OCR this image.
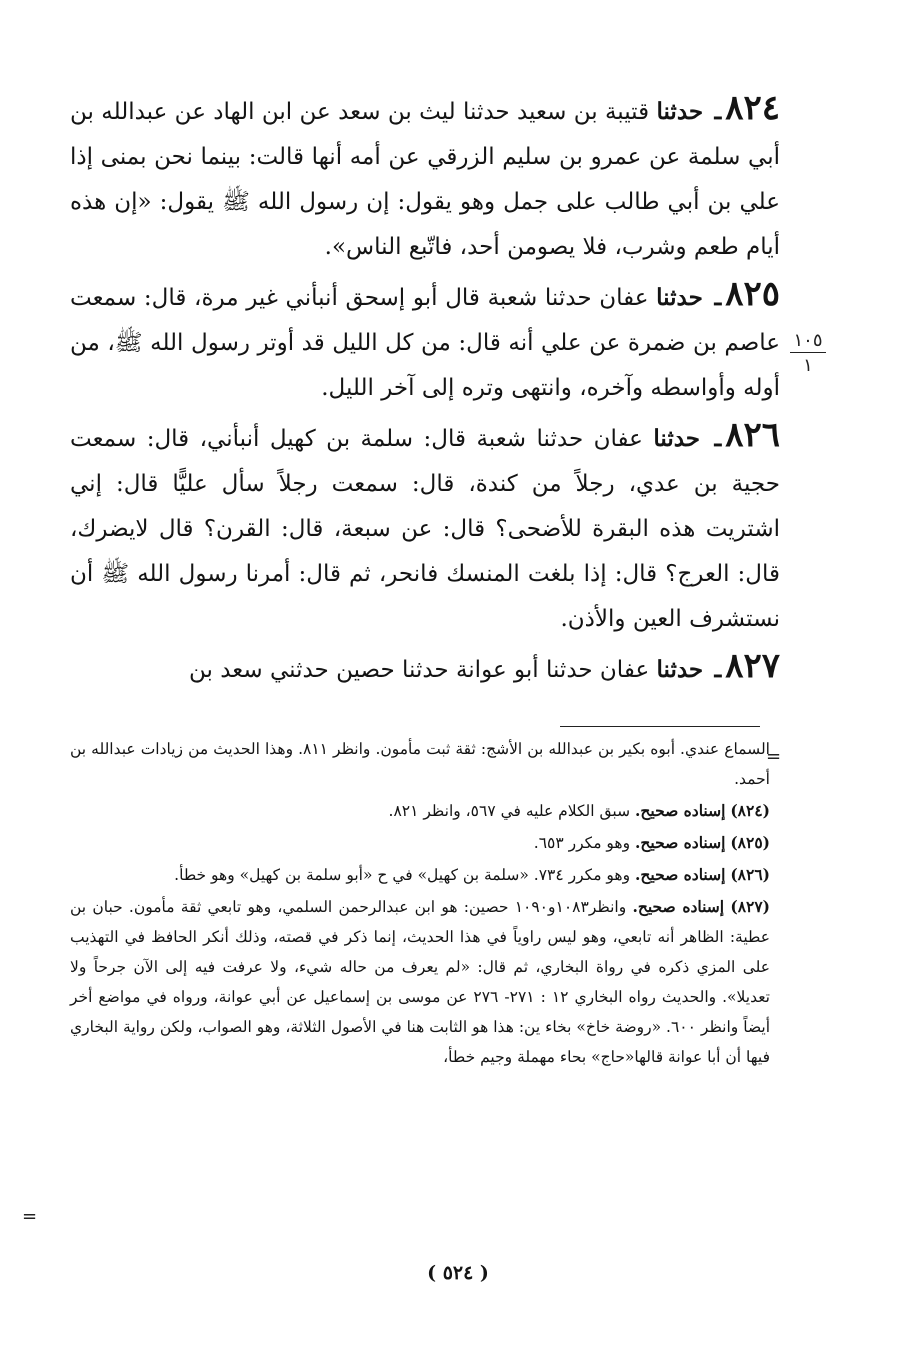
٨٢٤ـ حدثنا قتيبة بن سعيد حدثنا ليث بن سعد عن ابن الهاد عن عبدالله بن أبي سلمة عن عمرو بن سليم الزرقي عن أمه أنها قالت: بينما نحن بمنى إذا علي بن أبي طالب على جمل وهو يقول: إن رسول الله ﷺ يقول: «إن هذه أيام طعم وشرب، فلا يصومن أحد، فاتّبع الناس».

٨٢٥ـ حدثنا عفان حدثنا شعبة قال أبو إسحق أنبأني غير مرة، قال: سمعت عاصم بن ضمرة عن علي أنه قال: من كل الليل قد أوتر رسول الله ﷺ، من أوله وأواسطه وآخره، وانتهى وتره إلى آخر الليل.

٨٢٦ـ حدثنا عفان حدثنا شعبة قال: سلمة بن كهيل أنبأني، قال: سمعت حجية بن عدي، رجلاً من كندة، قال: سمعت رجلاً سأل عليًّا قال: إني اشتريت هذه البقرة للأضحى؟ قال: عن سبعة، قال: القرن؟ قال لايضرك، قال: العرج؟ قال: إذا بلغت المنسك فانحر، ثم قال: أمرنا رسول الله ﷺ أن نستشرف العين والأذن.

٨٢٧ـ حدثنا عفان حدثنا أبو عوانة حدثنا حصين حدثني سعد بن

١٠٥
١
=

السماع عندي. أبوه بكير بن عبدالله بن الأشج: ثقة ثبت مأمون. وانظر ٨١١. وهذا الحديث من زيادات عبدالله بن أحمد.

(٨٢٤) إسناده صحيح. سبق الكلام عليه في ٥٦٧، وانظر ٨٢١.

(٨٢٥) إسناده صحيح. وهو مكرر ٦٥٣.

(٨٢٦) إسناده صحيح. وهو مكرر ٧٣٤. «سلمة بن كهيل» في ح «أبو سلمة بن كهيل» وهو خطأ.

(٨٢٧) إسناده صحيح. وانظر١٠٨٣و١٠٩٠ حصين: هو ابن عبدالرحمن السلمي، وهو تابعي ثقة مأمون. حبان بن عطية: الظاهر أنه تابعي، وهو ليس راوياً في هذا الحديث، إنما ذكر في قصته، وذلك أنكر الحافظ في التهذيب على المزي ذكره في رواة البخاري، ثم قال: «لم يعرف من حاله شيء، ولا عرفت فيه إلى الآن جرحاً ولا تعديلا». والحديث رواه البخاري ١٢ : ٢٧١- ٢٧٦ عن موسى بن إسماعيل عن أبي عوانة، ورواه في مواضع أخر أيضاً وانظر ٦٠٠. «روضة خاخ» بخاء ين: هذا هو الثابت هنا في الأصول الثلاثة، وهو الصواب، ولكن رواية البخاري فيها أن أبا عوانة قالها«حاج» بحاء مهملة وجيم خطأ،

=
( ٥٢٤ )
